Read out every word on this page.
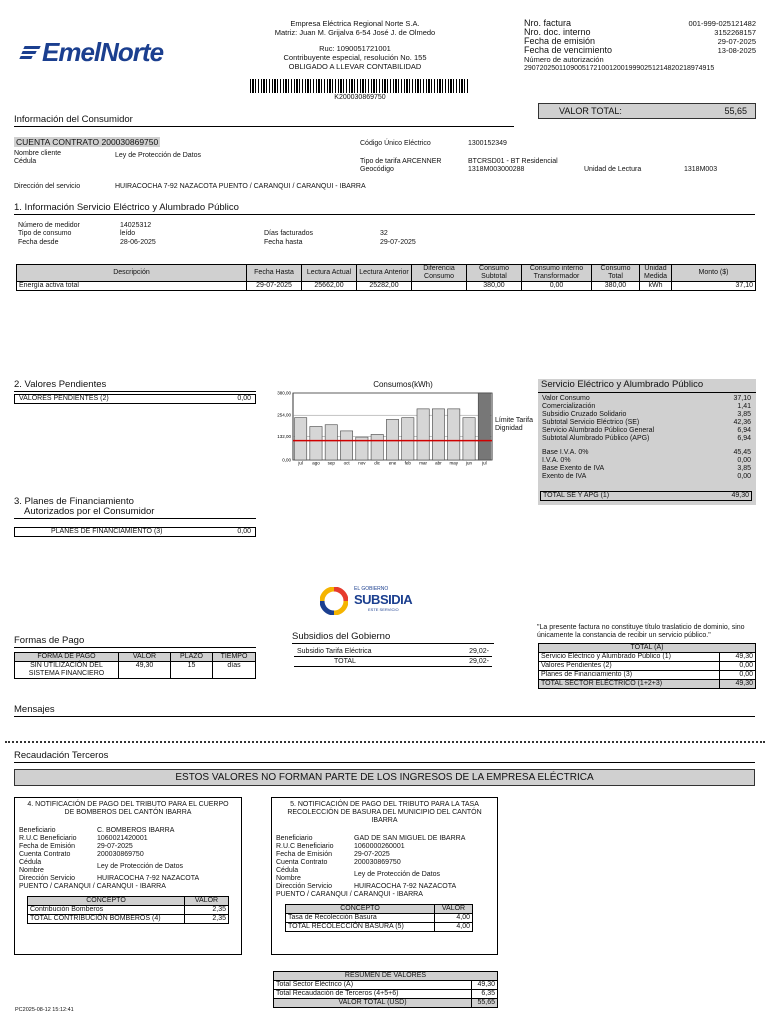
EmelNorte
Empresa Eléctrica Regional Norte S.A.
Matriz: Juan M. Grijalva 6-54 José J. de Olmedo
Ruc: 1090051721001
Contribuyente especial, resolución No. 155
OBLIGADO A LLEVAR CONTABILIDAD
K200030869750
Nro. factura	001-999-025121482
Nro. doc. interno	3152268157
Fecha de emisión	29-07-2025
Fecha de vencimiento	13-08-2025
Número de autorización
2907202501109005172100120019990251214820218974915
VALOR TOTAL:	55,65
Información del Consumidor
CUENTA CONTRATO 200030869750
Nombre cliente
Cédula
Ley de Protección de Datos
Código Único Eléctrico	1300152349
Tipo de tarifa ARCENNER	BTCRSD01 - BT Residencial
Geocódigo	1318M003000288	Unidad de Lectura	1318M003
Dirección del servicio	HUIRACOCHA 7-92 NAZACOTA PUENTO / CARANQUI / CARANQUI - IBARRA
1. Información Servicio Eléctrico y Alumbrado Público
Número de medidor	14025312
Tipo de consumo	leído
Fecha desde	28-06-2025
Días facturados	32
Fecha hasta	29-07-2025
Descripción	Fecha Hasta	Lectura Actual	Lectura Anterior	Diferencia Consumo	Consumo Subtotal	Consumo interno Transformador	Consumo Total	Unidad Medida	Monto ($)
Energía activa total	29-07-2025	25662,00	25282,00		380,00	0,00	380,00	kWh	37,10
2. Valores Pendientes
VALORES PENDIENTES (2)	0,00
Consumos(kWh)
380,00
254,00
132,00
0,00
jul ago sep oct nov dic ene feb mar abr may jun jul
Límite Tarifa Dignidad
Servicio Eléctrico y Alumbrado Público
Valor Consumo	37,10
Comercialización	1,41
Subsidio Cruzado Solidario	3,85
Subtotal Servicio Eléctrico (SE)	42,36
Servicio Alumbrado Público General	6,94
Subtotal Alumbrado Público (APG)	6,94
Base I.V.A. 0%	45,45
I.V.A. 0%	0,00
Base Exento de IVA	3,85
Exento de IVA	0,00
TOTAL SE Y APG (1)	49,30
3. Planes de Financiamiento
Autorizados por el Consumidor
PLANES DE FINANCIAMIENTO (3)	0,00
EL GOBIERNO
SUBSIDIA
ESTE SERVICIO
Formas de Pago
FORMA DE PAGO	VALOR	PLAZO	TIEMPO
SIN UTILIZACIÓN DEL SISTEMA FINANCIERO	49,30	15	días
Subsidios del Gobierno
Subsidio Tarifa Eléctrica	29,02-
TOTAL	29,02-
"La presente factura no constituye título traslaticio de dominio, sino únicamente la constancia de recibir un servicio público."
TOTAL (A)	
Servicio Eléctrico y Alumbrado Público (1)	49,30
Valores Pendientes (2)	0,00
Planes de Financiamiento (3)	0,00
TOTAL SECTOR ELÉCTRICO (1+2+3)	49,30
Mensajes
Recaudación Terceros
ESTOS VALORES NO FORMAN PARTE DE LOS INGRESOS DE LA EMPRESA ELÉCTRICA
4. NOTIFICACIÓN DE PAGO DEL TRIBUTO PARA EL CUERPO DE BOMBEROS DEL CANTÓN IBARRA
Beneficiario	C. BOMBEROS IBARRA
R.U.C Beneficiario	1060021420001
Fecha de Emisión	29-07-2025
Cuenta Contrato	200030869750
Cédula
Ley de Protección de Datos
Nombre
Dirección Servicio	HUIRACOCHA 7-92 NAZACOTA
PUENTO / CARANQUI / CARANQUI - IBARRA
CONCEPTO	VALOR
Contribución Bomberos	2,35
TOTAL CONTRIBUCIÓN BOMBEROS (4)	2,35
5. NOTIFICACIÓN DE PAGO DEL TRIBUTO PARA LA TASA RECOLECCIÓN DE BASURA DEL MUNICIPIO DEL CANTÓN IBARRA
Beneficiario	GAD DE SAN MIGUEL DE IBARRA
R.U.C Beneficiario	1060000260001
Fecha de Emisión	29-07-2025
Cuenta Contrato	200030869750
Cédula
Ley de Protección de Datos
Nombre
Dirección Servicio	HUIRACOCHA 7-92 NAZACOTA
PUENTO / CARANQUI / CARANQUI - IBARRA
CONCEPTO	VALOR
Tasa de Recolección Basura	4,00
TOTAL RECOLECCIÓN BASURA (5)	4,00
RESUMEN DE VALORES	
Total Sector Eléctrico (A)	49,30
Total Recaudación de Terceros (4+5+6)	6,35
VALOR TOTAL (USD)	55,65
PC2025-08-12 15:12:41
